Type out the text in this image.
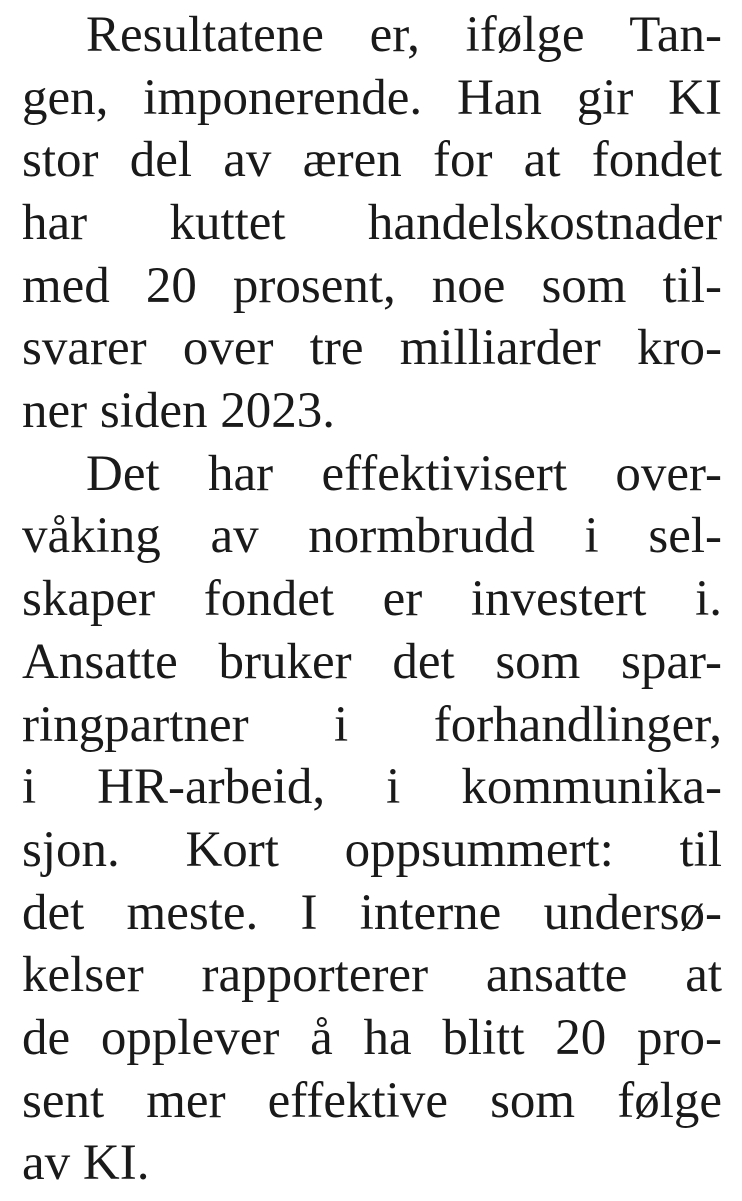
Resultatene er, ifølge Tan-
gen, imponerende. Han gir KI
stor del av æren for at fondet
har kuttet handelskostnader
med 20 prosent, noe som til-
svarer over tre milliarder kro-
ner siden 2023.
Det har effektivisert over-
våking av normbrudd i sel-
skaper fondet er investert i.
Ansatte bruker det som spar-
ringpartner i forhandlinger,
i HR-arbeid, i kommunika-
sjon. Kort oppsummert: til
det meste. I interne undersø-
kelser rapporterer ansatte at
de opplever å ha blitt 20 pro-
sent mer effektive som følge
av KI.
